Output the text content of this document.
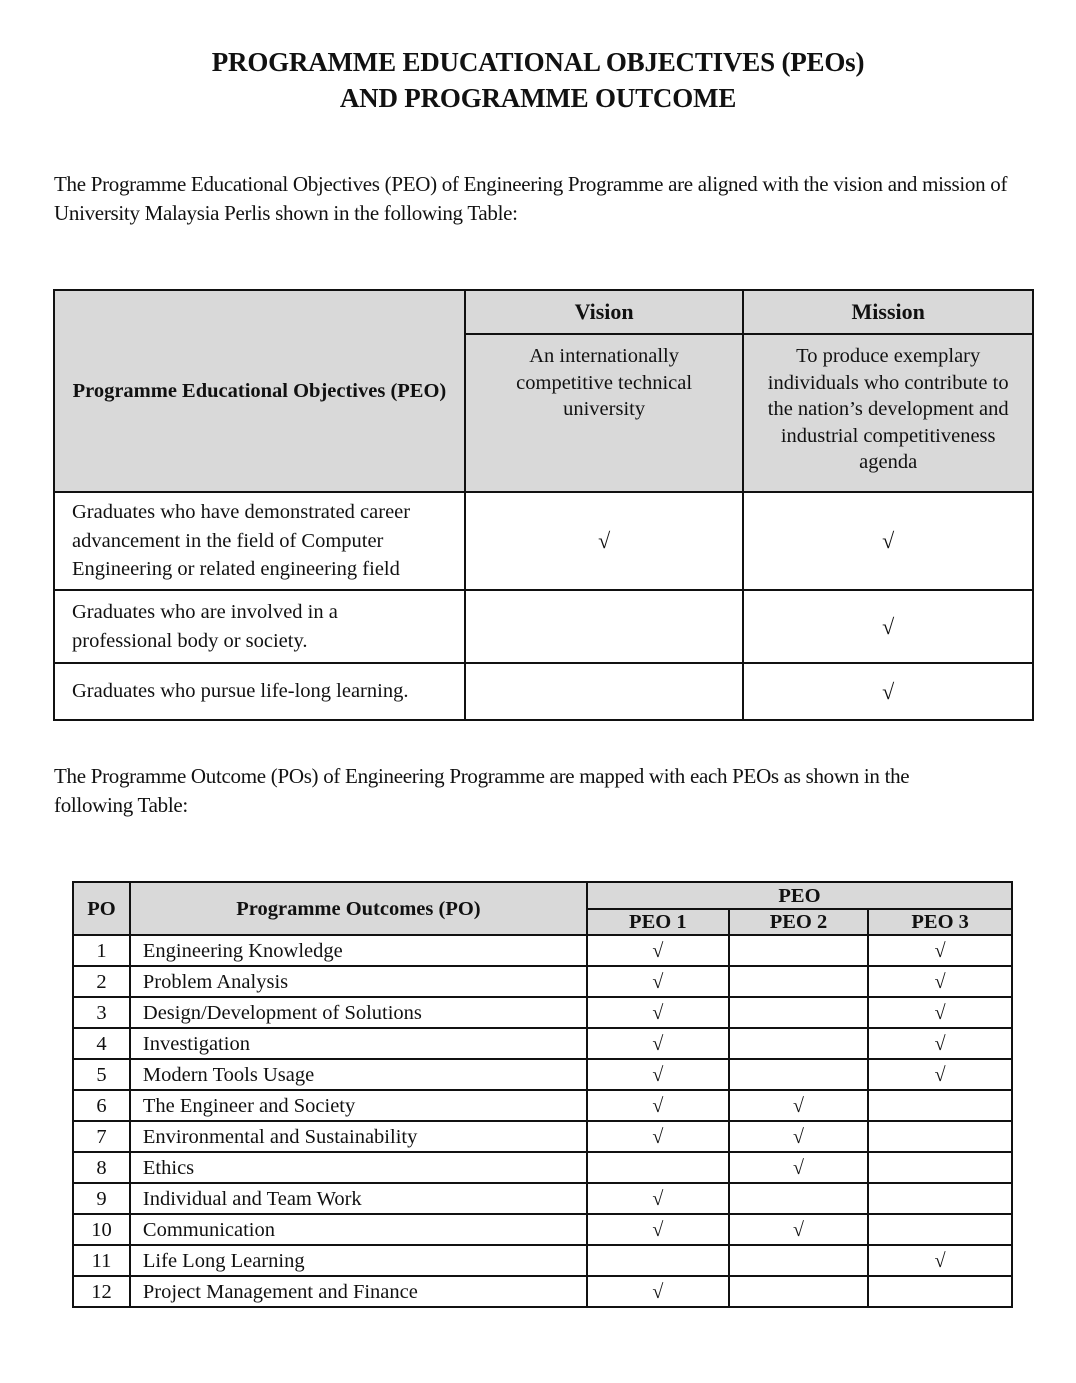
PROGRAMME EDUCATIONAL OBJECTIVES (PEOs)
AND PROGRAMME OUTCOME
The Programme Educational Objectives (PEO) of Engineering Programme are aligned with the vision and mission of University Malaysia Perlis shown in the following Table:
Programme Educational Objectives (PEO)	Vision	Mission

	An internationally competitive technical university	To produce exemplary individuals who contribute to the nation’s development and industrial competitiveness agenda

Graduates who have demonstrated career advancement in the field of Computer Engineering or related engineering field	√	√

Graduates who are involved in a professional body or society.		√
Graduates who pursue life-long learning.		√
The Programme Outcome (POs) of Engineering Programme are mapped with each PEOs as shown in the following Table:
PO	Programme Outcomes (PO)	PEO		
		PEO 1	PEO 2	PEO 3
1	Engineering Knowledge	√		√
2	Problem Analysis	√		√
3	Design/Development of Solutions	√		√
4	Investigation	√		√
5	Modern Tools Usage	√		√
6	The Engineer and Society	√	√	
7	Environmental and Sustainability	√	√	
8	Ethics		√	
9	Individual and Team Work	√		
10	Communication	√	√	
11	Life Long Learning			√
12	Project Management and Finance	√		
